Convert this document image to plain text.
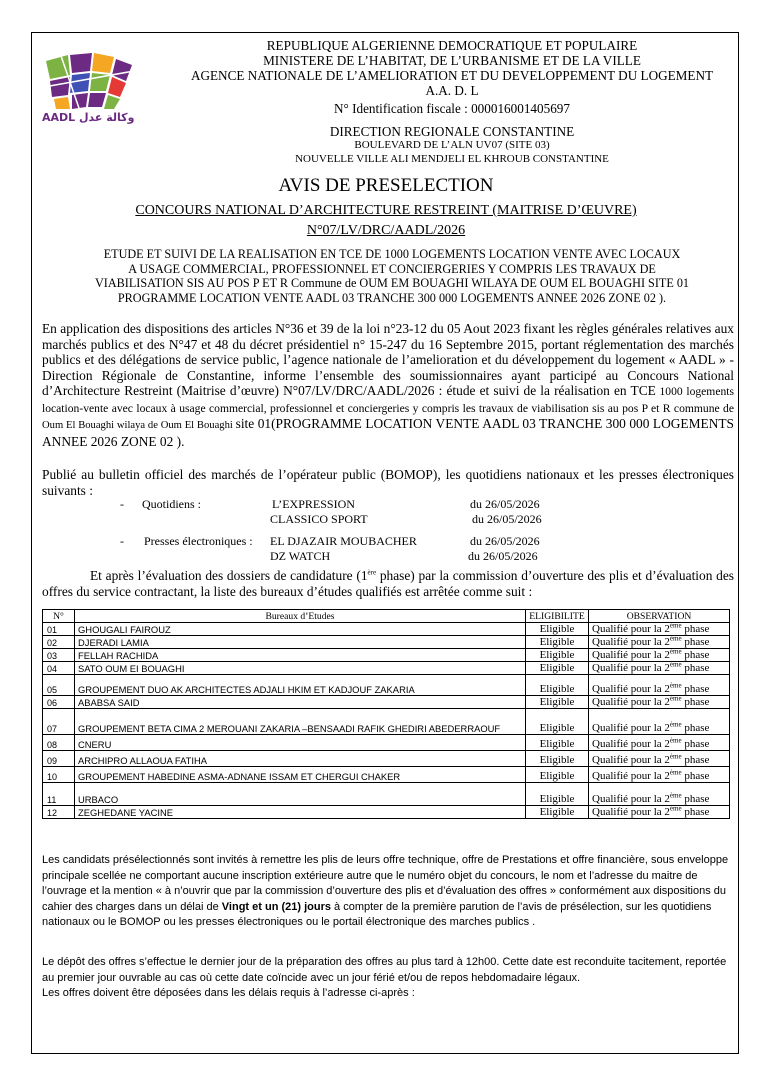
AADL وكالة عدل
REPUBLIQUE ALGERIENNE DEMOCRATIQUE ET POPULAIRE
MINISTERE DE L’HABITAT, DE L’URBANISME ET DE LA VILLE
AGENCE NATIONALE DE L’AMELIORATION ET DU DEVELOPPEMENT DU LOGEMENT
A.A. D. L
N° Identification fiscale : 000016001405697
DIRECTION REGIONALE CONSTANTINE
BOULEVARD DE L’ALN UV07 (SITE 03)
NOUVELLE VILLE ALI MENDJELI EL KHROUB CONSTANTINE
AVIS DE PRESELECTION
CONCOURS NATIONAL D’ARCHITECTURE RESTREINT (MAITRISE D’ŒUVRE)
N°07/LV/DRC/AADL/2026
ETUDE ET SUIVI DE LA REALISATION EN TCE DE 1000 LOGEMENTS LOCATION VENTE AVEC LOCAUX
A USAGE COMMERCIAL, PROFESSIONNEL ET CONCIERGERIES Y COMPRIS LES TRAVAUX DE
VIABILISATION SIS AU POS P ET R Commune de OUM EM BOUAGHI WILAYA DE OUM EL BOUAGHI SITE 01
PROGRAMME LOCATION VENTE AADL 03 TRANCHE 300 000 LOGEMENTS ANNEE 2026 ZONE 02 ).
En application des dispositions des articles N°36 et 39 de la loi n°23-12 du 05 Aout 2023 fixant les règles générales relatives aux marchés publics et des N°47 et 48 du décret présidentiel n° 15-247 du 16 Septembre 2015, portant réglementation des marchés publics et des délégations de service public, l’agence nationale de l’amelioration et du développement du logement « AADL » - Direction Régionale de Constantine, informe l’ensemble des soumissionnaires ayant participé au Concours National d’Architecture Restreint (Maitrise d’œuvre) N°07/LV/DRC/AADL/2026 : étude et suivi de la réalisation en TCE 1000 logements location-vente avec locaux à usage commercial, professionnel et conciergeries y compris les travaux de viabilisation sis au pos P et R commune de Oum El Bouaghi wilaya de Oum El Bouaghi site 01(PROGRAMME LOCATION VENTE AADL 03 TRANCHE 300 000 LOGEMENTS ANNEE 2026 ZONE 02 ).
Publié au bulletin officiel des marchés de l’opérateur public (BOMOP), les quotidiens nationaux et les presses électroniques suivants :
- Quotidiens :	L’EXPRESSION	du 26/05/2026
CLASSICO SPORT	du 26/05/2026
- Presses électroniques : EL DJAZAIR MOUBACHER	du 26/05/2026
DZ WATCH	du 26/05/2026
Et après l’évaluation des dossiers de candidature (1ère phase) par la commission d’ouverture des plis et d’évaluation des offres du service contractant, la liste des bureaux d’études qualifiés est arrêtée comme suit :
N°	Bureaux d’Etudes	ELIGIBILITE	OBSERVATION
01	GHOUGALI FAIROUZ	Eligible	Qualifié pour la 2ème phase
02	DJERADI LAMIA	Eligible	Qualifié pour la 2ème phase
03	FELLAH RACHIDA	Eligible	Qualifié pour la 2ème phase
04	SATO OUM EI BOUAGHI	Eligible	Qualifié pour la 2ème phase
05	GROUPEMENT DUO AK ARCHITECTES ADJALI HKIM ET KADJOUF ZAKARIA	Eligible	Qualifié pour la 2ème phase
06	ABABSA SAID	Eligible	Qualifié pour la 2ème phase
07	GROUPEMENT BETA CIMA 2 MEROUANI ZAKARIA –BENSAADI RAFIK GHEDIRI ABEDERRAOUF	Eligible	Qualifié pour la 2ème phase
08	CNERU	Eligible	Qualifié pour la 2ème phase
09	ARCHIPRO ALLAOUA FATIHA	Eligible	Qualifié pour la 2ème phase
10	GROUPEMENT HABEDINE ASMA-ADNANE ISSAM ET CHERGUI CHAKER	Eligible	Qualifié pour la 2ème phase
11	URBACO	Eligible	Qualifié pour la 2ème phase
12	ZEGHEDANE YACINE	Eligible	Qualifié pour la 2ème phase
Les candidats présélectionnés sont invités à remettre les plis de leurs offre technique, offre de Prestations et offre financière, sous enveloppe principale scellée ne comportant aucune inscription extérieure autre que le numéro objet du concours, le nom et l’adresse du maitre de l’ouvrage et la mention « à n’ouvrir que par la commission d’ouverture des plis et d’évaluation des offres » conformément aux dispositions du cahier des charges dans un délai de Vingt et un (21) jours à compter de la première parution de l’avis de présélection, sur les quotidiens nationaux ou le BOMOP ou les presses électroniques ou le portail électronique des marches publics .
Le dépôt des offres s’effectue le dernier jour de la préparation des offres au plus tard à 12h00. Cette date est reconduite tacitement, reportée au premier jour ouvrable au cas où cette date coïncide avec un jour férié et/ou de repos hebdomadaire légaux.
Les offres doivent être déposées dans les délais requis à l’adresse ci-après :
